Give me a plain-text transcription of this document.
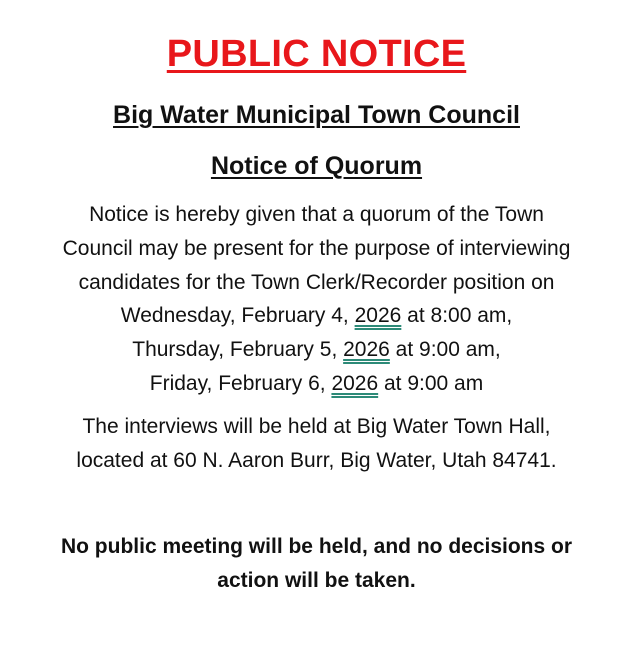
PUBLIC NOTICE
Big Water Municipal Town Council
Notice of Quorum
Notice is hereby given that a quorum of the Town
Council may be present for the purpose of interviewing
candidates for the Town Clerk/Recorder position on
Wednesday, February 4, 2026 at 8:00 am,
Thursday, February 5, 2026 at 9:00 am,
Friday, February 6, 2026 at 9:00 am
The interviews will be held at Big Water Town Hall,
located at 60 N. Aaron Burr, Big Water, Utah 84741.
No public meeting will be held, and no decisions or
action will be taken.
